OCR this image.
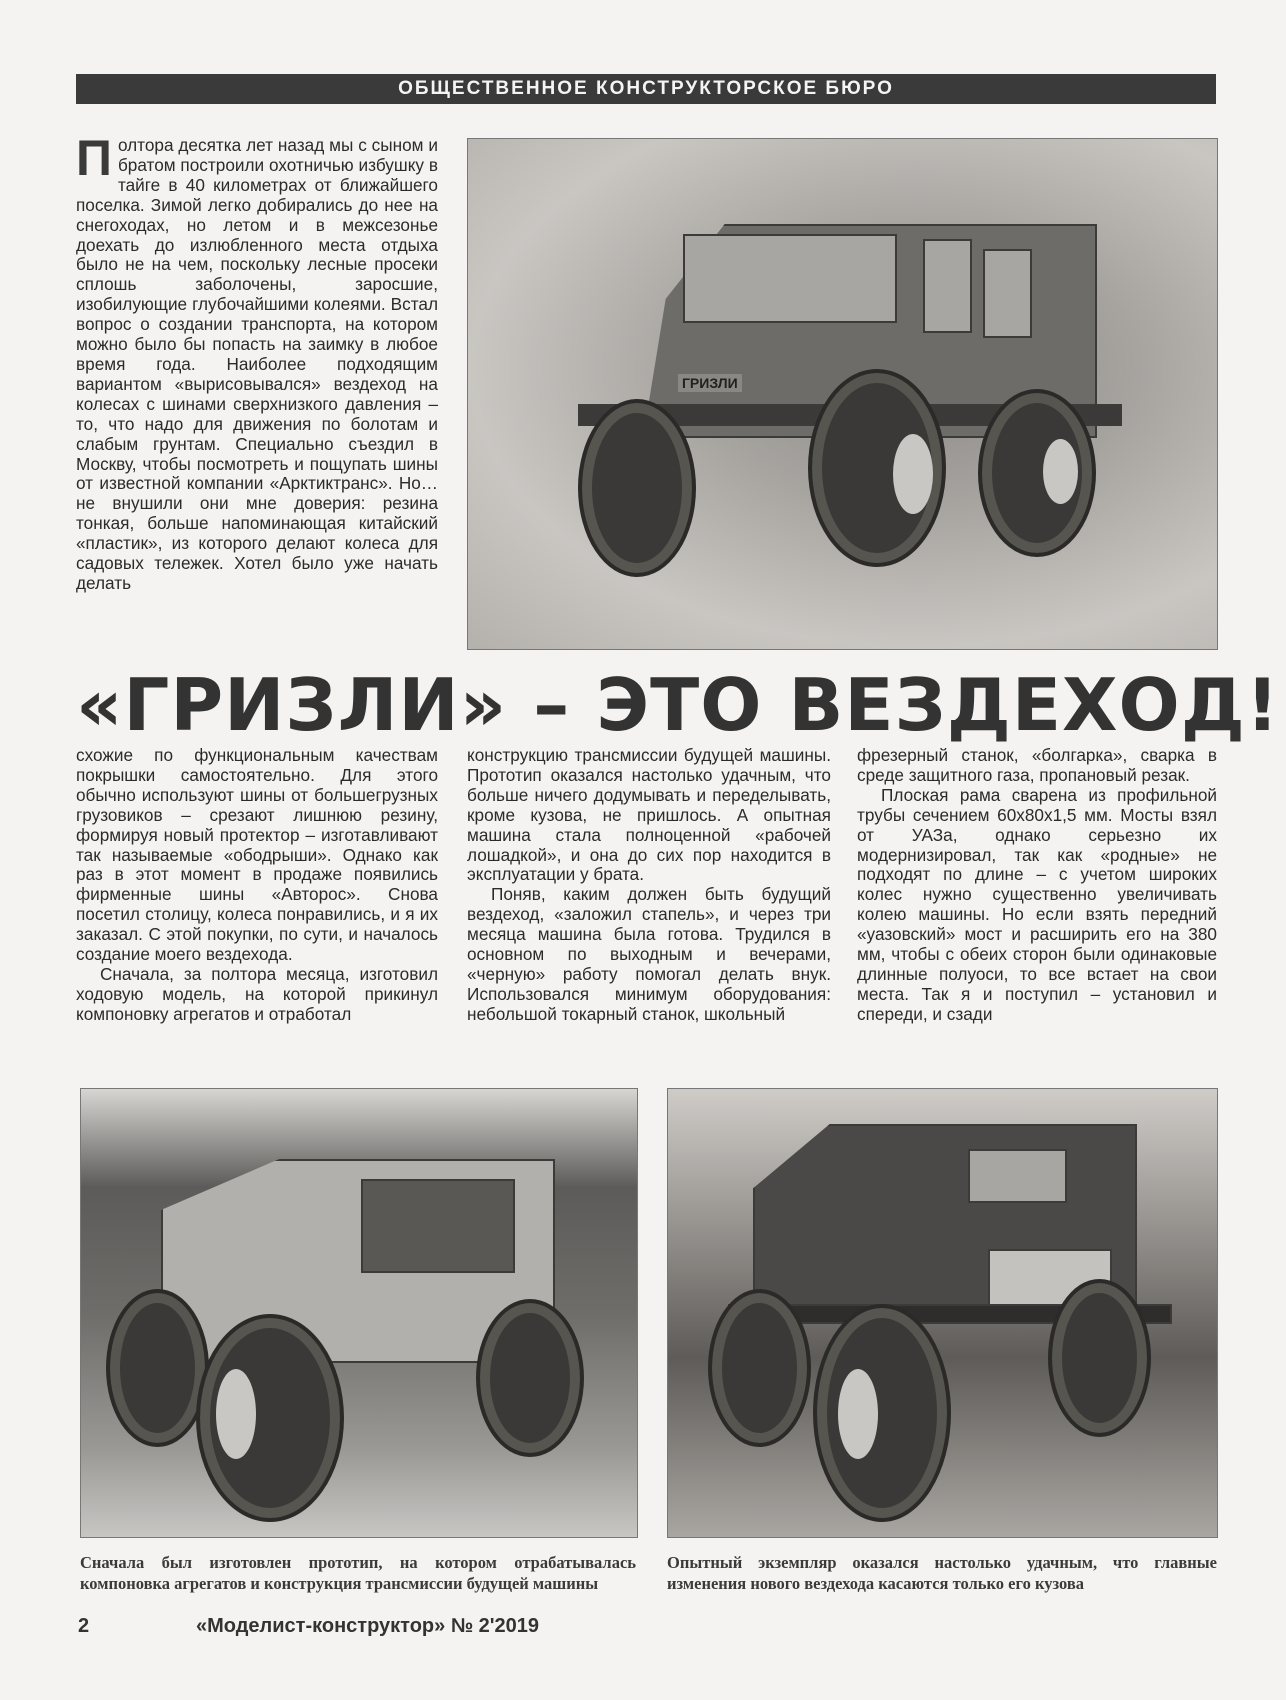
ОБЩЕСТВЕННОЕ КОНСТРУКТОРСКОЕ БЮРО
П олтора десятка лет назад мы с сыном и братом построили охотничью избушку в тайге в 40 километрах от ближайшего поселка. Зимой легко добирались до нее на снегоходах, но летом и в межсезонье доехать до излюбленного места отдыха было не на чем, поскольку лесные просеки сплошь заболочены, заросшие, изобилующие глубочайшими колеями. Встал вопрос о создании транспорта, на котором можно было бы попасть на заимку в любое время года. Наиболее подходящим вариантом «вырисовывался» вездеход на колесах с шинами сверхнизкого давления – то, что надо для движения по болотам и слабым грунтам. Специально съездил в Москву, чтобы посмотреть и пощупать шины от известной компании «Арктиктранс». Но… не внушили они мне доверия: резина тонкая, больше напоминающая китайский «пластик», из которого делают колеса для садовых тележек. Хотел было уже начать делать

ГРИЗЛИ
«ГРИЗЛИ» – ЭТО ВЕЗДЕХОД!

схожие по функциональным качествам покрышки самостоятельно. Для этого обычно используют шины от большегрузных грузовиков – срезают лишнюю резину, формируя новый протектор – изготавливают так называемые «ободрыши». Однако как раз в этот момент в продаже появились фирменные шины «Авторос». Снова посетил столицу, колеса понравились, и я их заказал. С этой покупки, по сути, и началось создание моего вездехода.

Сначала, за полтора месяца, изготовил ходовую модель, на которой прикинул компоновку агрегатов и отработал

конструкцию трансмиссии будущей машины. Прототип оказался настолько удачным, что больше ничего додумывать и переделывать, кроме кузова, не пришлось. А опытная машина стала полноценной «рабочей лошадкой», и она до сих пор находится в эксплуатации у брата.

Поняв, каким должен быть будущий вездеход, «заложил стапель», и через три месяца машина была готова. Трудился в основном по выходным и вечерами, «черную» работу помогал делать внук. Использовался минимум оборудования: небольшой токарный станок, школьный

фрезерный станок, «болгарка», сварка в среде защитного газа, пропановый резак.

Плоская рама сварена из профильной трубы сечением 60х80х1,5 мм. Мосты взял от УАЗа, однако серьезно их модернизировал, так как «родные» не подходят по длине – с учетом широких колес нужно существенно увеличивать колею машины. Но если взять передний «уазовский» мост и расширить его на 380 мм, чтобы с обеих сторон были одинаковые длинные полуоси, то все встает на свои места. Так я и поступил – установил и спереди, и сзади

Сначала был изготовлен прототип, на котором отрабатывалась компоновка агрегатов и конструкция трансмиссии будущей машины
Опытный экземпляр оказался настолько удачным, что главные изменения нового вездехода касаются только его кузова
2	«Моделист-конструктор» № 2'2019
